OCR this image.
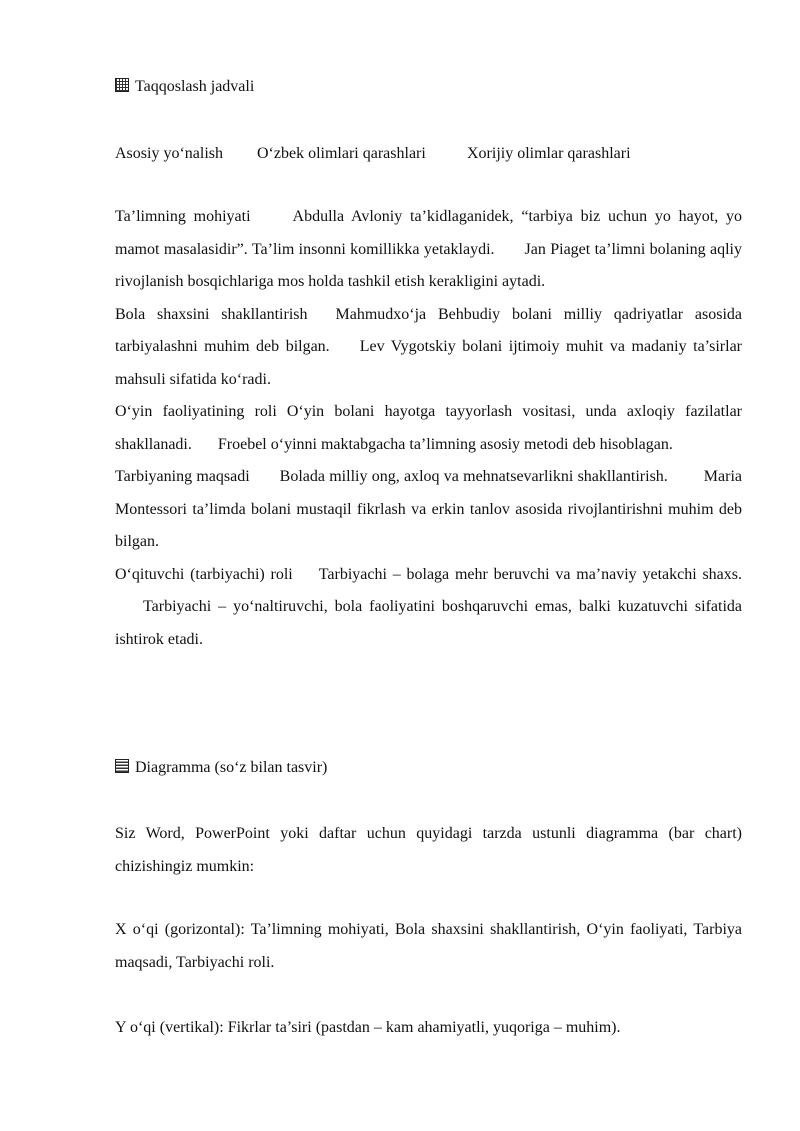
Taqqoslash jadvali
Asosiy yo‘nalish O‘zbek olimlari qarashlari	Xorijiy olimlar qarashlari

Ta’limning mohiyati	Abdulla Avloniy ta’kidlaganidek, “tarbiya biz uchun yo hayot, yo mamot masalasidir”. Ta’lim insonni komillikka yetaklaydi. Jan Piaget ta’limni bolaning aqliy rivojlanish bosqichlariga mos holda tashkil etish kerakligini aytadi.

Bola shaxsini shakllantirish Mahmudxo‘ja Behbudiy bolani milliy qadriyatlar asosida tarbiyalashni muhim deb bilgan. Lev Vygotskiy bolani ijtimoiy muhit va madaniy ta’sirlar mahsuli sifatida ko‘radi.

O‘yin faoliyatining roli O‘yin bolani hayotga tayyorlash vositasi, unda axloqiy fazilatlar shakllanadi. Froebel o‘yinni maktabgacha ta’limning asosiy metodi deb hisoblagan.

Tarbiyaning maqsadi Bolada milliy ong, axloq va mehnatsevarlikni shakllantirish. Maria Montessori ta’limda bolani mustaqil fikrlash va erkin tanlov asosida rivojlantirishni muhim deb bilgan.

O‘qituvchi (tarbiyachi) roli Tarbiyachi – bolaga mehr beruvchi va ma’naviy yetakchi shaxs.Tarbiyachi – yo‘naltiruvchi, bola faoliyatini boshqaruvchi emas, balki kuzatuvchi sifatida ishtirok etadi.

Diagramma (so‘z bilan tasvir)

Siz Word, PowerPoint yoki daftar uchun quyidagi tarzda ustunli diagramma (bar chart) chizishingiz mumkin:

X o‘qi (gorizontal): Ta’limning mohiyati, Bola shaxsini shakllantirish, O‘yin faoliyati, Tarbiya maqsadi, Tarbiyachi roli.

Y o‘qi (vertikal): Fikrlar ta’siri (pastdan – kam ahamiyatli, yuqoriga – muhim).
